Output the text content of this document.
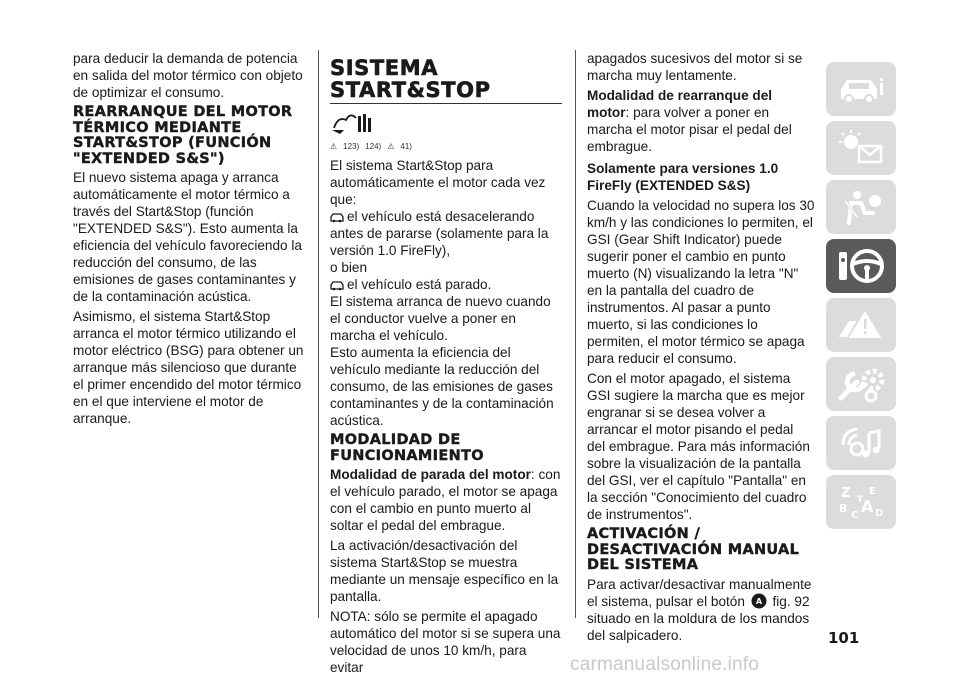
para deducir la demanda de potencia en salida del motor térmico con objeto de optimizar el consumo.

REARRANQUE DEL MOTOR TÉRMICO MEDIANTE START&STOP (FUNCIÓN "EXTENDED S&S")

El nuevo sistema apaga y arranca automáticamente el motor térmico a través del Start&Stop (función "EXTENDED S&S"). Esto aumenta la eficiencia del vehículo favoreciendo la reducción del consumo, de las emisiones de gases contaminantes y de la contaminación acústica.

Asimismo, el sistema Start&Stop arranca el motor térmico utilizando el motor eléctrico (BSG) para obtener un arranque más silencioso que durante el primer encendido del motor térmico en el que interviene el motor de arranque.

SISTEMA START&STOP
⚠ 123) 124) ⚠ 41)

El sistema Start&Stop para automáticamente el motor cada vez que:

el vehículo está desacelerando antes de pararse (solamente para la versión 1.0 FireFly),

o bien

el vehículo está parado.

El sistema arranca de nuevo cuando el conductor vuelve a poner en marcha el vehículo.

Esto aumenta la eficiencia del vehículo mediante la reducción del consumo, de las emisiones de gases contaminantes y de la contaminación acústica.

MODALIDAD DE FUNCIONAMIENTO

Modalidad de parada del motor: con el vehículo parado, el motor se apaga con el cambio en punto muerto al soltar el pedal del embrague.

La activación/desactivación del sistema Start&Stop se muestra mediante un mensaje específico en la pantalla.

NOTA: sólo se permite el apagado automático del motor si se supera una velocidad de unos 10 km/h, para evitar

apagados sucesivos del motor si se marcha muy lentamente.

Modalidad de rearranque del motor: para volver a poner en marcha el motor pisar el pedal del embrague.

Solamente para versiones 1.0 FireFly (EXTENDED S&S)

Cuando la velocidad no supera los 30 km/h y las condiciones lo permiten, el GSI (Gear Shift Indicator) puede sugerir poner el cambio en punto muerto (N) visualizando la letra "N" en la pantalla del cuadro de instrumentos. Al pasar a punto muerto, si las condiciones lo permiten, el motor térmico se apaga para reducir el consumo.

Con el motor apagado, el sistema GSI sugiere la marcha que es mejor engranar si se desea volver a arrancar el motor pisando el pedal del embrague. Para más información sobre la visualización de la pantalla del GSI, ver el capítulo "Pantalla" en la sección "Conocimiento del cuadro de instrumentos".

ACTIVACIÓN / DESACTIVACIÓN MANUAL DEL SISTEMA

Para activar/desactivar manualmente el sistema, pulsar el botón A fig. 92 situado en la moldura de los mandos del salpicadero.

Z E
B
C A
T
D
101
carmanualsonline.info
